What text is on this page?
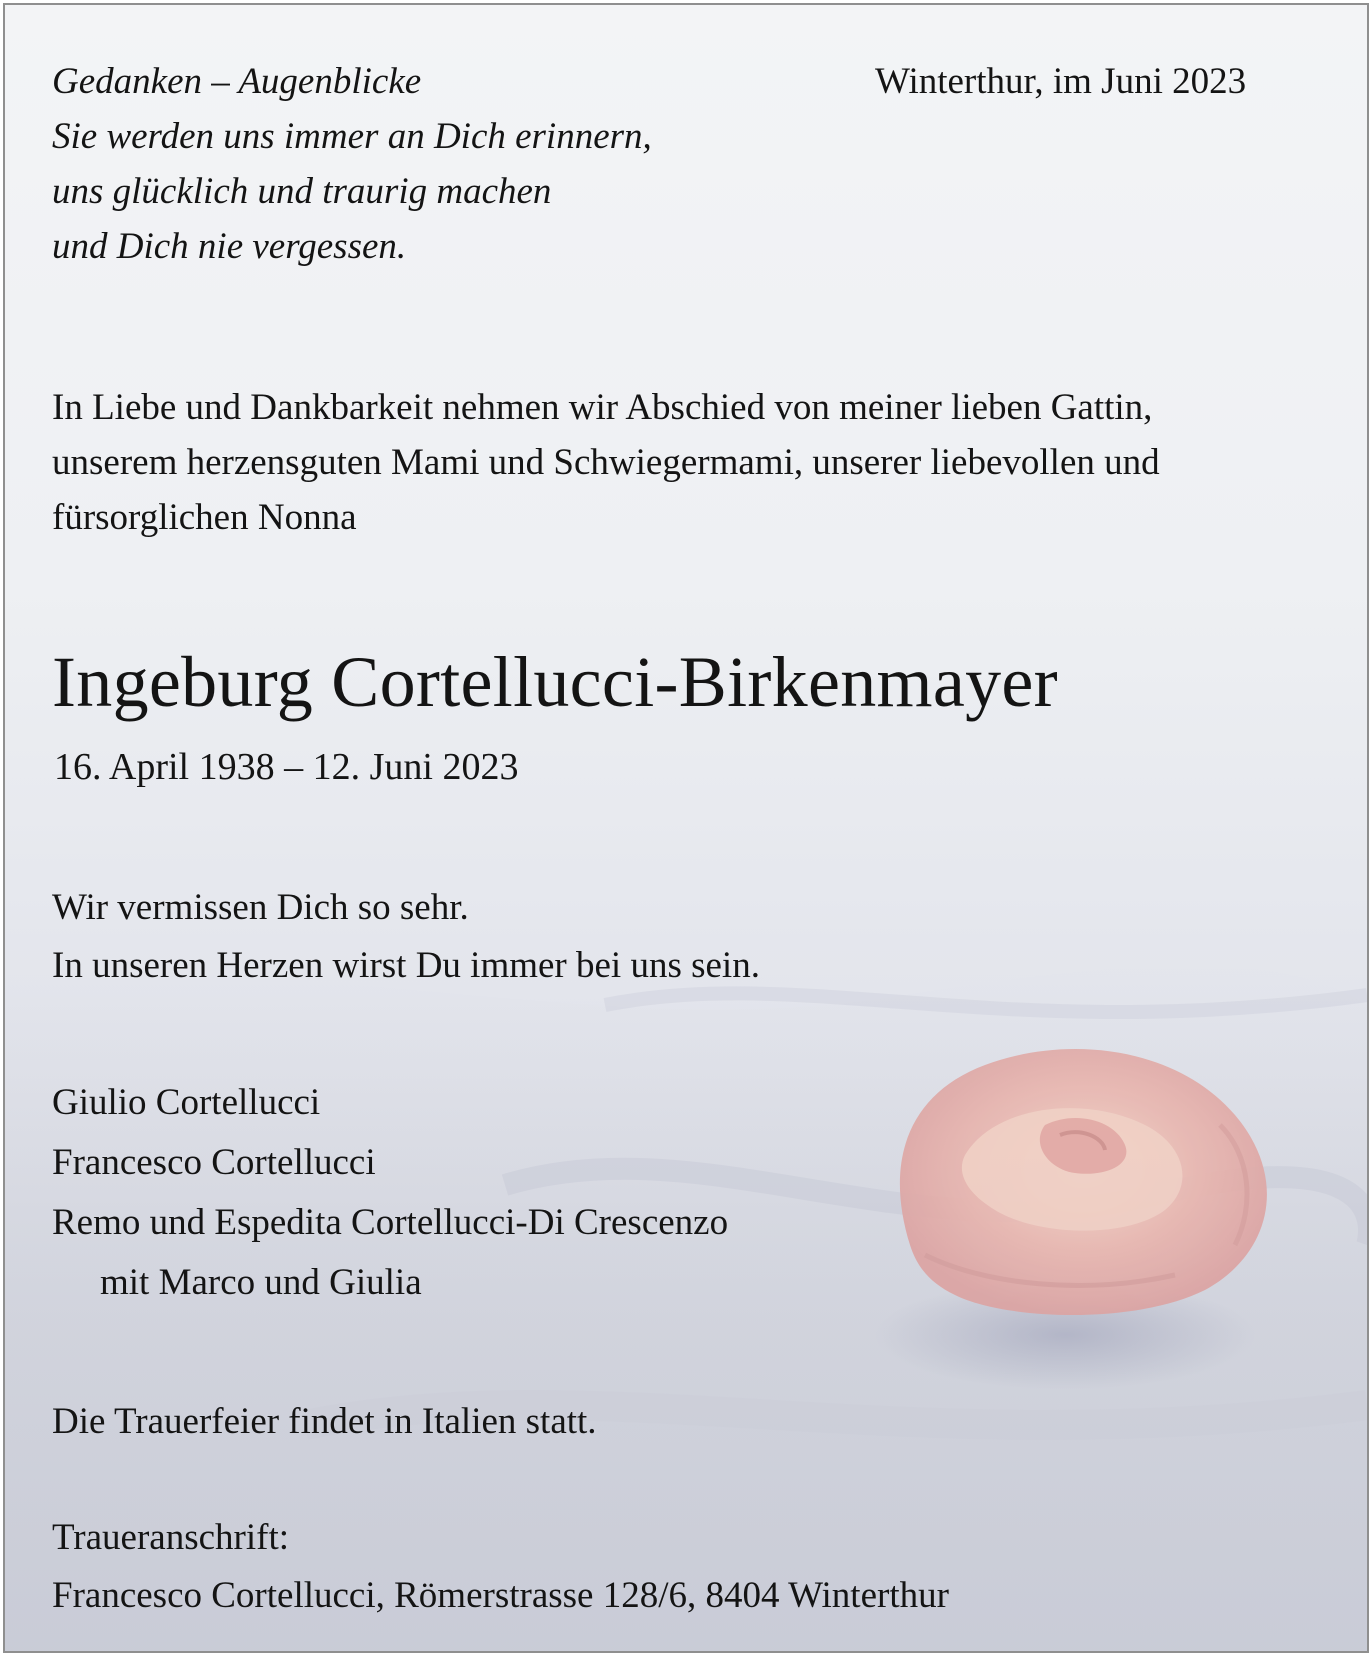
Gedanken – Augenblicke
Sie werden uns immer an Dich erinnern,
uns glücklich und traurig machen
und Dich nie vergessen.
Winterthur, im Juni 2023
In Liebe und Dankbarkeit nehmen wir Abschied von meiner lieben Gattin,
unserem herzensguten Mami und Schwiegermami, unserer liebevollen und
fürsorglichen Nonna
Ingeburg Cortellucci-Birkenmayer
16. April 1938 – 12. Juni 2023
Wir vermissen Dich so sehr.
In unseren Herzen wirst Du immer bei uns sein.
Giulio Cortellucci
Francesco Cortellucci
Remo und Espedita Cortellucci-Di Crescenzo
mit Marco und Giulia
Die Trauerfeier findet in Italien statt.
Traueranschrift:
Francesco Cortellucci, Römerstrasse 128/6, 8404 Winterthur
